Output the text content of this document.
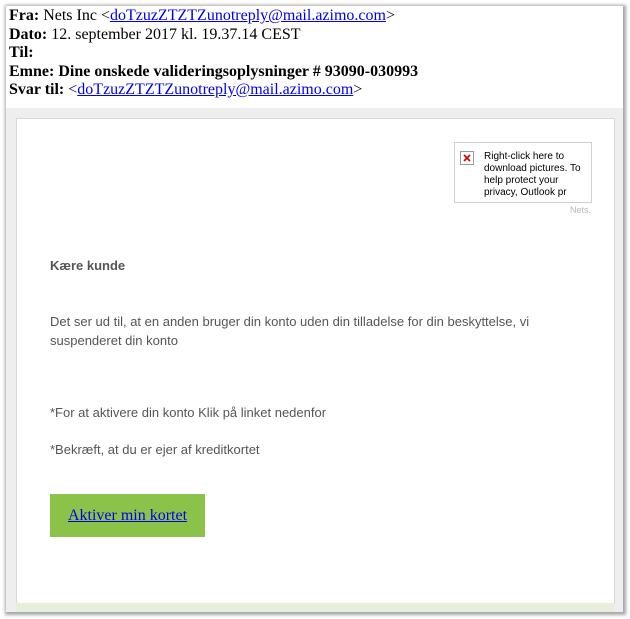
Fra: Nets Inc <doTzuzZTZTZunotreply@mail.azimo.com>
Dato: 12. september 2017 kl. 19.37.14 CEST
Til:
Emne: Dine onskede valideringsoplysninger # 93090-030993
Svar til: <doTzuzZTZTZunotreply@mail.azimo.com>
Right-click here to download pictures. To help protect your privacy, Outlook pr
Nets.
Kære kunde
Det ser ud til, at en anden bruger din konto uden din tilladelse for din beskyttelse, vi suspenderet din konto
*For at aktivere din konto Klik på linket nedenfor
*Bekræft, at du er ejer af kreditkortet
Aktiver min kortet
